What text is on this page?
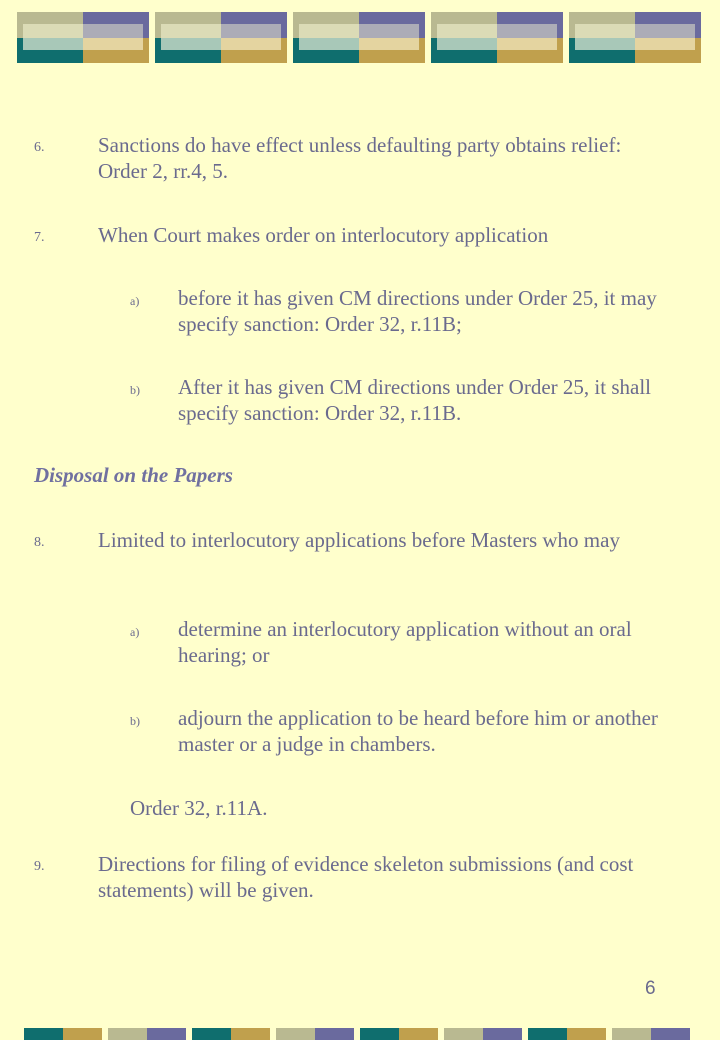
6.	Sanctions do have effect unless defaulting party obtains relief: Order 2, rr.4, 5.
7.	When Court makes order on interlocutory application
a) before it has given CM directions under Order 25, it may specify sanction: Order 32, r.11B;
b) After it has given CM directions under Order 25, it shall specify sanction: Order 32, r.11B.
Disposal on the Papers
8.	Limited to interlocutory applications before Masters who may
a) determine an interlocutory application without an oral hearing; or
b) adjourn the application to be heard before him or another master or a judge in chambers.
Order 32, r.11A.
9.	Directions for filing of evidence skeleton submissions (and cost statements) will be given.
6
